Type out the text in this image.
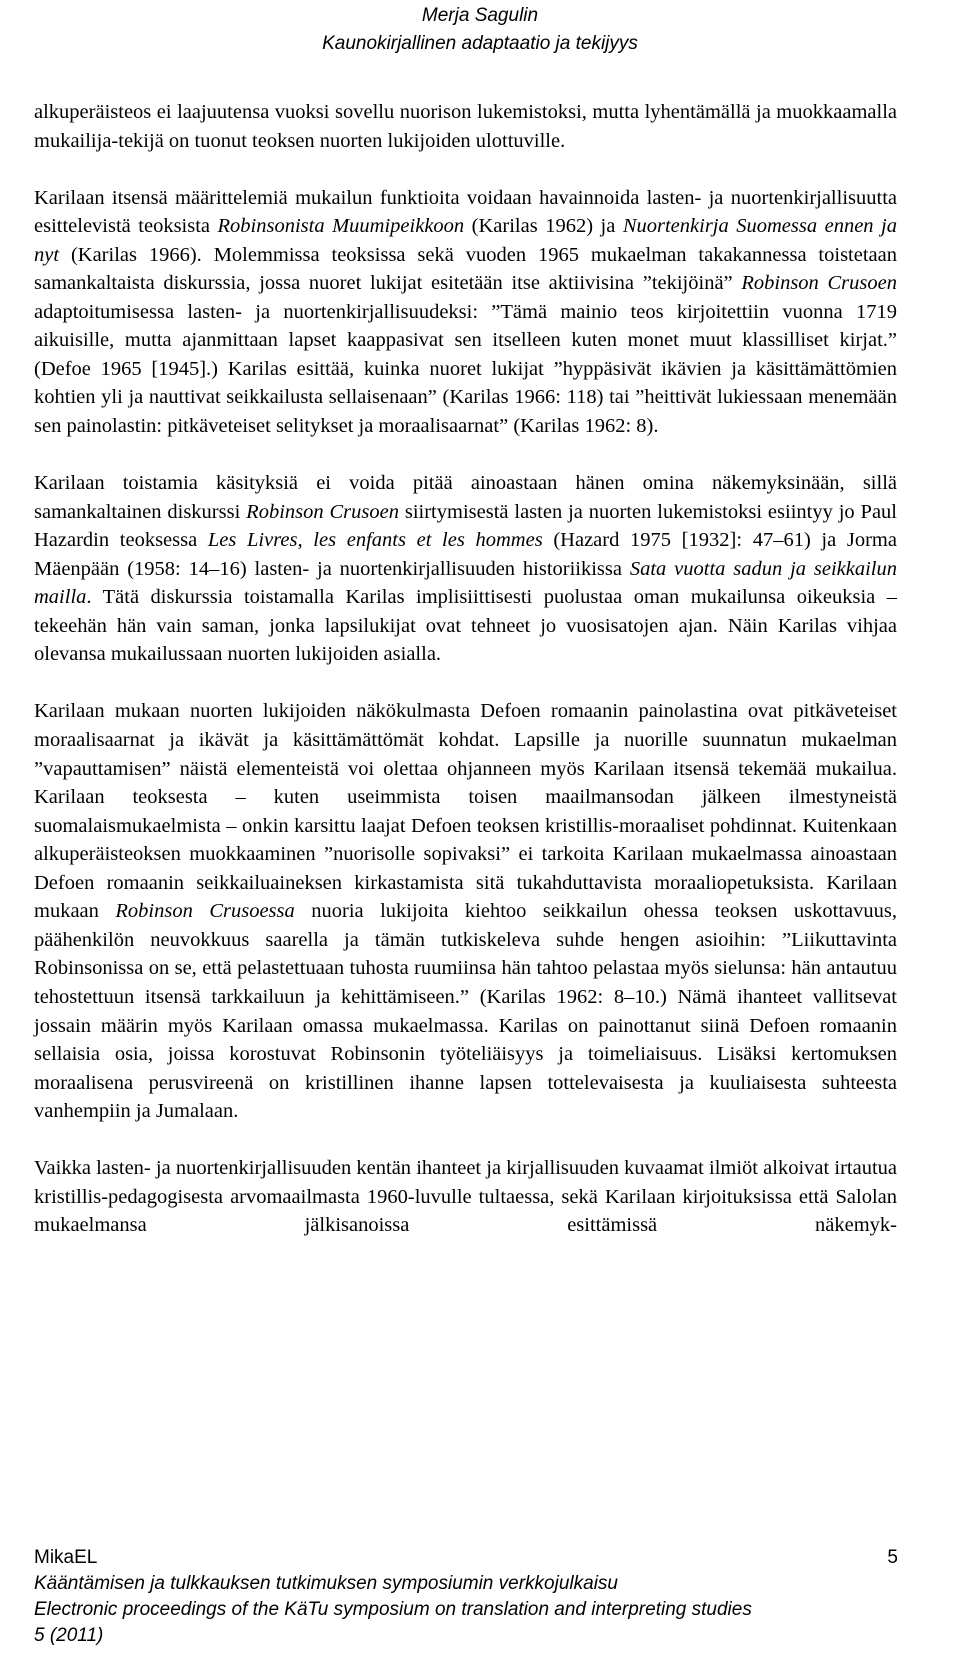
Merja Sagulin
Kaunokirjallinen adaptaatio ja tekijyys

alkuperäisteos ei laajuutensa vuoksi sovellu nuorison lukemistoksi, mutta lyhentämällä ja muokkaamalla mukailija-tekijä on tuonut teoksen nuorten lukijoiden ulottuville.

Karilaan itsensä määrittelemiä mukailun funktioita voidaan havainnoida lasten- ja nuortenkirjallisuutta esittelevistä teoksista Robinsonista Muumipeikkoon (Karilas 1962) ja Nuortenkirja Suomessa ennen ja nyt (Karilas 1966). Molemmissa teoksissa sekä vuoden 1965 mukaelman takakannessa toistetaan samankaltaista diskurssia, jossa nuoret lukijat esitetään itse aktiivisina ”tekijöinä” Robinson Crusoen adaptoitumisessa lasten- ja nuortenkirjallisuudeksi: ”Tämä mainio teos kirjoitettiin vuonna 1719 aikuisille, mutta ajanmittaan lapset kaappasivat sen itselleen kuten monet muut klassilliset kirjat.” (Defoe 1965 [1945].) Karilas esittää, kuinka nuoret lukijat ”hyppäsivät ikävien ja käsittämättömien kohtien yli ja nauttivat seikkailusta sellaisenaan” (Karilas 1966: 118) tai ”heittivät lukiessaan menemään sen painolastin: pitkäveteiset selitykset ja moraalisaarnat” (Karilas 1962: 8).

Karilaan toistamia käsityksiä ei voida pitää ainoastaan hänen omina näkemyksinään, sillä samankaltainen diskurssi Robinson Crusoen siirtymisestä lasten ja nuorten lukemistoksi esiintyy jo Paul Hazardin teoksessa Les Livres, les enfants et les hommes (Hazard 1975 [1932]: 47–61) ja Jorma Mäenpään (1958: 14–16) lasten- ja nuortenkirjallisuuden historiikissa Sata vuotta sadun ja seikkailun mailla. Tätä diskurssia toistamalla Karilas implisiittisesti puolustaa oman mukailunsa oikeuksia – tekeehän hän vain saman, jonka lapsilukijat ovat tehneet jo vuosisatojen ajan. Näin Karilas vihjaa olevansa mukailussaan nuorten lukijoiden asialla.

Karilaan mukaan nuorten lukijoiden näkökulmasta Defoen romaanin painolastina ovat pitkäveteiset moraalisaarnat ja ikävät ja käsittämättömät kohdat. Lapsille ja nuorille suunnatun mukaelman ”vapauttamisen” näistä elementeistä voi olettaa ohjanneen myös Karilaan itsensä tekemää mukailua. Karilaan teoksesta – kuten useimmista toisen maailmansodan jälkeen ilmestyneistä suomalaismukaelmista – onkin karsittu laajat Defoen teoksen kristillis-moraaliset pohdinnat. Kuitenkaan alkuperäisteoksen muokkaaminen ”nuorisolle sopivaksi” ei tarkoita Karilaan mukaelmassa ainoastaan Defoen romaanin seikkailuaineksen kirkastamista sitä tukahduttavista moraaliopetuksista. Karilaan mukaan Robinson Crusoessa nuoria lukijoita kiehtoo seikkailun ohessa teoksen uskottavuus, päähenkilön neuvokkuus saarella ja tämän tutkiskeleva suhde hengen asioihin: ”Liikuttavinta Robinsonissa on se, että pelastettuaan tuhosta ruumiinsa hän tahtoo pelastaa myös sielunsa: hän antautuu tehostettuun itsensä tarkkailuun ja kehittämiseen.” (Karilas 1962: 8–10.) Nämä ihanteet vallitsevat jossain määrin myös Karilaan omassa mukaelmassa. Karilas on painottanut siinä Defoen romaanin sellaisia osia, joissa korostuvat Robinsonin työteliäisyys ja toimeliaisuus. Lisäksi kertomuksen moraalisena perusvireenä on kristillinen ihanne lapsen tottelevaisesta ja kuuliaisesta suhteesta vanhempiin ja Jumalaan.

Vaikka lasten- ja nuortenkirjallisuuden kentän ihanteet ja kirjallisuuden kuvaamat ilmiöt alkoivat irtautua kristillis-pedagogisesta arvomaailmasta 1960-luvulle tultaessa, sekä Karilaan kirjoituksissa että Salolan mukaelmansa jälkisanoissa esittämissä näkemyk-

MikaEL	5
Kääntämisen ja tulkkauksen tutkimuksen symposiumin verkkojulkaisu
Electronic proceedings of the KäTu symposium on translation and interpreting studies
5 (2011)
